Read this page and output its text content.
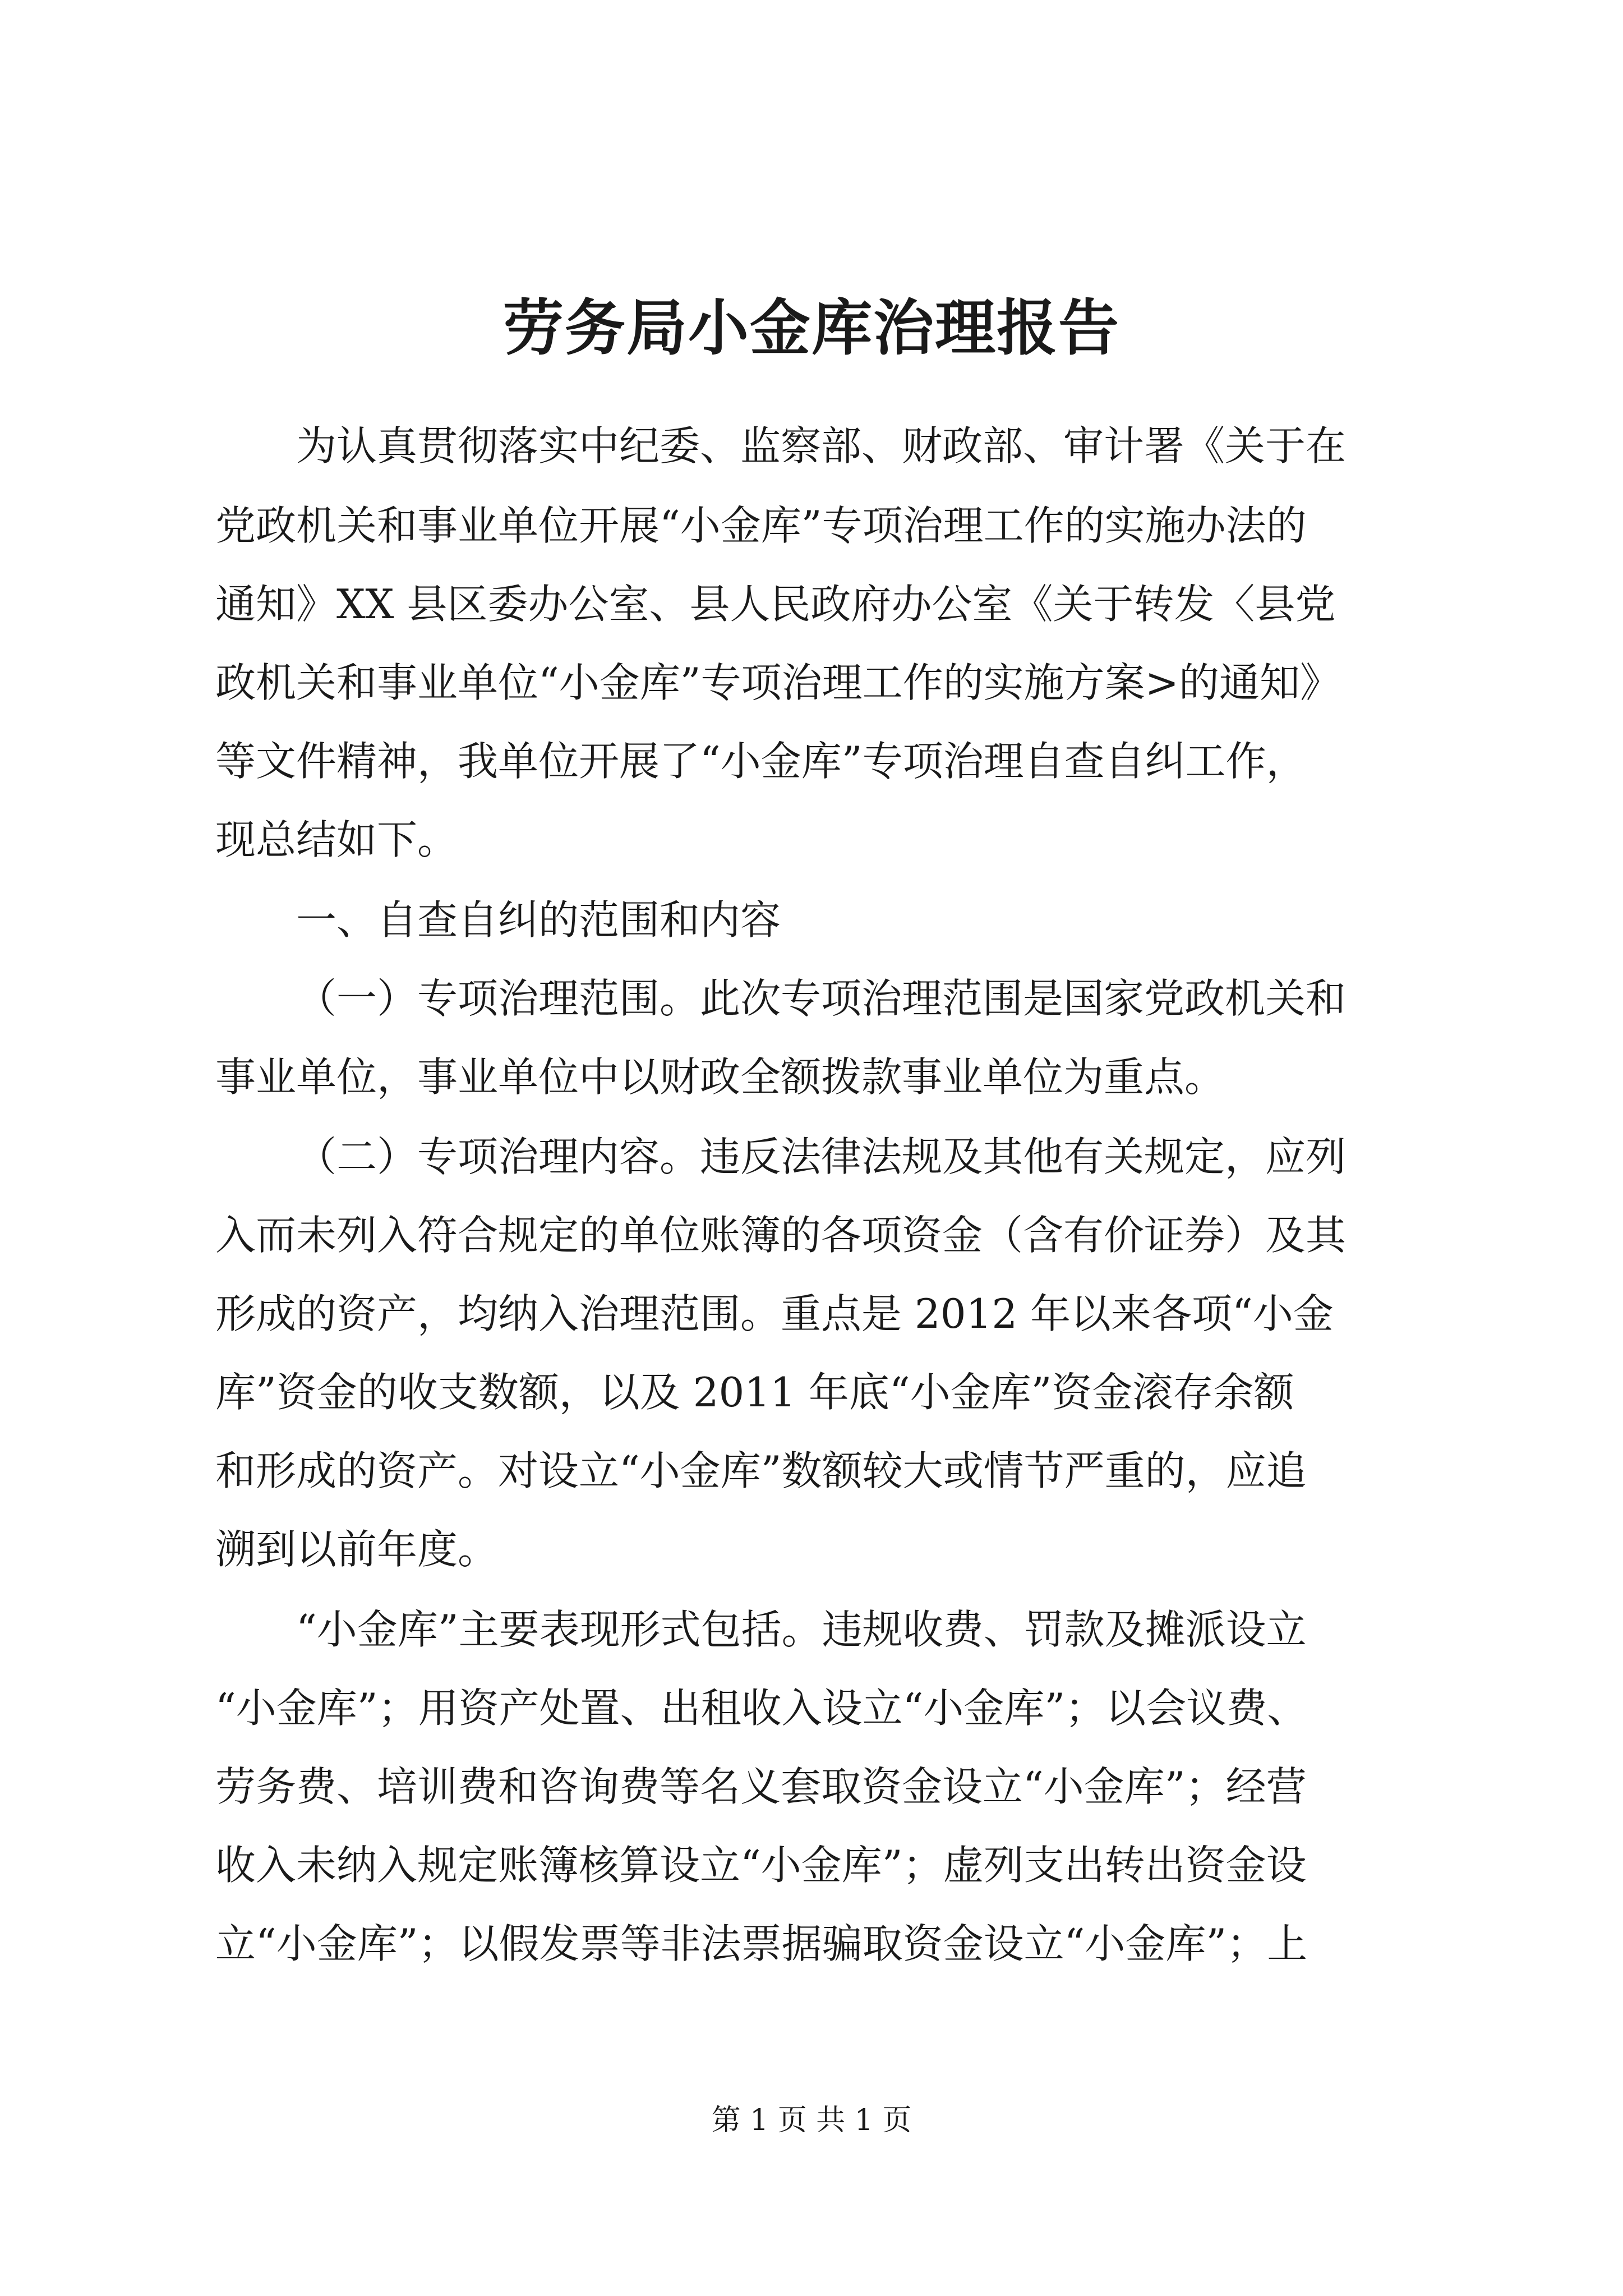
劳务局小金库治理报告

为认真贯彻落实中纪委、监察部、财政部、审计署《关于在

党政机关和事业单位开展“小金库”专项治理工作的实施办法的

通知》XX 县区委办公室、县人民政府办公室《关于转发〈县党

政机关和事业单位“小金库”专项治理工作的实施方案>的通知》

等文件精神，我单位开展了“小金库”专项治理自查自纠工作，

现总结如下。

一、自查自纠的范围和内容

（一）专项治理范围。此次专项治理范围是国家党政机关和

事业单位，事业单位中以财政全额拨款事业单位为重点。

（二）专项治理内容。违反法律法规及其他有关规定，应列

入而未列入符合规定的单位账簿的各项资金（含有价证券）及其

形成的资产，均纳入治理范围。重点是 2012 年以来各项“小金

库”资金的收支数额，以及 2011 年底“小金库”资金滚存余额

和形成的资产。对设立“小金库”数额较大或情节严重的，应追

溯到以前年度。

“小金库”主要表现形式包括。违规收费、罚款及摊派设立

“小金库”；用资产处置、出租收入设立“小金库”；以会议费、

劳务费、培训费和咨询费等名义套取资金设立“小金库”；经营

收入未纳入规定账簿核算设立“小金库”；虚列支出转出资金设

立“小金库”；以假发票等非法票据骗取资金设立“小金库”；上

第 1 页 共 1 页
